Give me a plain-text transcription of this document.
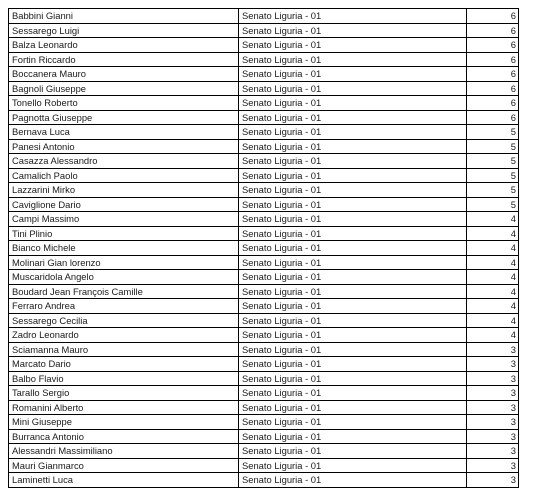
Babbini Gianni	Senato Liguria - 01	6
Sessarego Luigi	Senato Liguria - 01	6
Balza Leonardo	Senato Liguria - 01	6
Fortin Riccardo	Senato Liguria - 01	6
Boccanera Mauro	Senato Liguria - 01	6
Bagnoli Giuseppe	Senato Liguria - 01	6
Tonello Roberto	Senato Liguria - 01	6
Pagnotta Giuseppe	Senato Liguria - 01	6
Bernava Luca	Senato Liguria - 01	5
Panesi Antonio	Senato Liguria - 01	5
Casazza Alessandro	Senato Liguria - 01	5
Camalich Paolo	Senato Liguria - 01	5
Lazzarini Mirko	Senato Liguria - 01	5
Caviglione Dario	Senato Liguria - 01	5
Campi Massimo	Senato Liguria - 01	4
Tini Plinio	Senato Liguria - 01	4
Bianco Michele	Senato Liguria - 01	4
Molinari Gian lorenzo	Senato Liguria - 01	4
Muscaridola Angelo	Senato Liguria - 01	4
Boudard Jean François Camille	Senato Liguria - 01	4
Ferraro Andrea	Senato Liguria - 01	4
Sessarego Cecilia	Senato Liguria - 01	4
Zadro Leonardo	Senato Liguria - 01	4
Sciamanna Mauro	Senato Liguria - 01	3
Marcato Dario	Senato Liguria - 01	3
Balbo Flavio	Senato Liguria - 01	3
Tarallo Sergio	Senato Liguria - 01	3
Romanini Alberto	Senato Liguria - 01	3
Mini Giuseppe	Senato Liguria - 01	3
Burranca Antonio	Senato Liguria - 01	3
Alessandri Massimiliano	Senato Liguria - 01	3
Mauri Gianmarco	Senato Liguria - 01	3
Laminetti Luca	Senato Liguria - 01	3
